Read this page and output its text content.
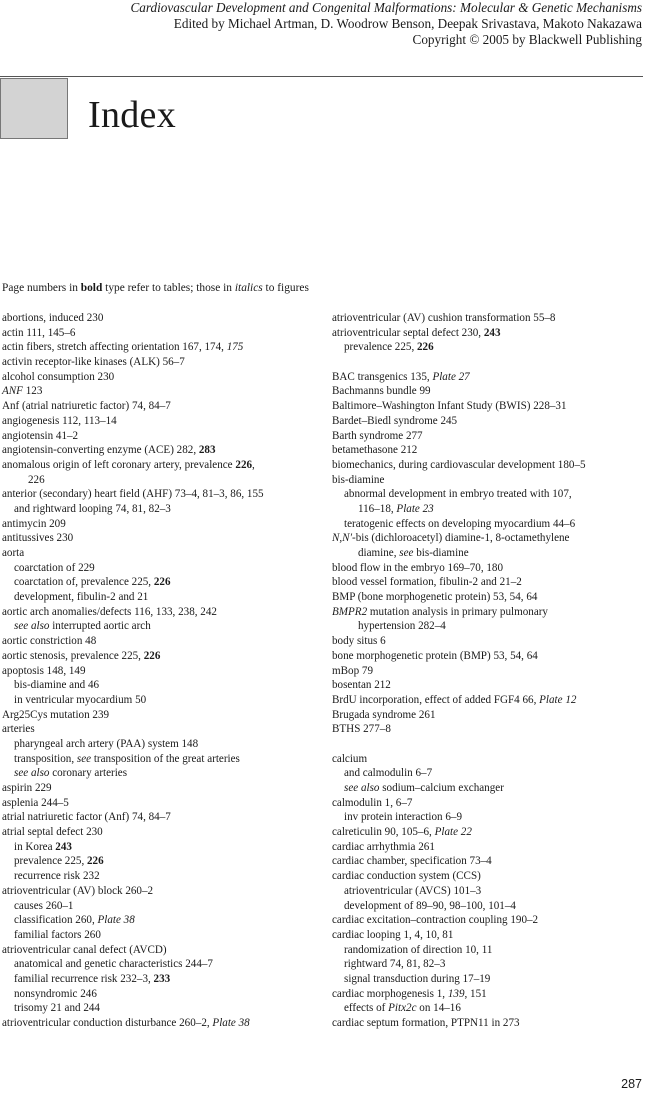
Cardiovascular Development and Congenital Malformations: Molecular & Genetic Mechanisms
Edited by Michael Artman, D. Woodrow Benson, Deepak Srivastava, Makoto Nakazawa
Copyright © 2005 by Blackwell Publishing
Index
Page numbers in bold type refer to tables; those in italics to figures
abortions, induced 230
actin 111, 145–6
actin fibers, stretch affecting orientation 167, 174, 175
activin receptor-like kinases (ALK) 56–7
alcohol consumption 230
ANF 123
Anf (atrial natriuretic factor) 74, 84–7
angiogenesis 112, 113–14
angiotensin 41–2
angiotensin-converting enzyme (ACE) 282, 283
anomalous origin of left coronary artery, prevalence 226,
226
anterior (secondary) heart field (AHF) 73–4, 81–3, 86, 155
and rightward looping 74, 81, 82–3
antimycin 209
antitussives 230
aorta
coarctation of 229
coarctation of, prevalence 225, 226
development, fibulin-2 and 21
aortic arch anomalies/defects 116, 133, 238, 242
see also interrupted aortic arch
aortic constriction 48
aortic stenosis, prevalence 225, 226
apoptosis 148, 149
bis-diamine and 46
in ventricular myocardium 50
Arg25Cys mutation 239
arteries
pharyngeal arch artery (PAA) system 148
transposition, see transposition of the great arteries
see also coronary arteries
aspirin 229
asplenia 244–5
atrial natriuretic factor (Anf) 74, 84–7
atrial septal defect 230
in Korea 243
prevalence 225, 226
recurrence risk 232
atrioventricular (AV) block 260–2
causes 260–1
classification 260, Plate 38
familial factors 260
atrioventricular canal defect (AVCD)
anatomical and genetic characteristics 244–7
familial recurrence risk 232–3, 233
nonsyndromic 246
trisomy 21 and 244
atrioventricular conduction disturbance 260–2, Plate 38
atrioventricular (AV) cushion transformation 55–8
atrioventricular septal defect 230, 243
prevalence 225, 226
BAC transgenics 135, Plate 27
Bachmanns bundle 99
Baltimore–Washington Infant Study (BWIS) 228–31
Bardet–Biedl syndrome 245
Barth syndrome 277
betamethasone 212
biomechanics, during cardiovascular development 180–5
bis-diamine
abnormal development in embryo treated with 107,
116–18, Plate 23
teratogenic effects on developing myocardium 44–6
N,N′-bis (dichloroacetyl) diamine-1, 8-octamethylene
diamine, see bis-diamine
blood flow in the embryo 169–70, 180
blood vessel formation, fibulin-2 and 21–2
BMP (bone morphogenetic protein) 53, 54, 64
BMPR2 mutation analysis in primary pulmonary
hypertension 282–4
body situs 6
bone morphogenetic protein (BMP) 53, 54, 64
mBop 79
bosentan 212
BrdU incorporation, effect of added FGF4 66, Plate 12
Brugada syndrome 261
BTHS 277–8
calcium
and calmodulin 6–7
see also sodium–calcium exchanger
calmodulin 1, 6–7
inv protein interaction 6–9
calreticulin 90, 105–6, Plate 22
cardiac arrhythmia 261
cardiac chamber, specification 73–4
cardiac conduction system (CCS)
atrioventricular (AVCS) 101–3
development of 89–90, 98–100, 101–4
cardiac excitation–contraction coupling 190–2
cardiac looping 1, 4, 10, 81
randomization of direction 10, 11
rightward 74, 81, 82–3
signal transduction during 17–19
cardiac morphogenesis 1, 139, 151
effects of Pitx2c on 14–16
cardiac septum formation, PTPN11 in 273
287
